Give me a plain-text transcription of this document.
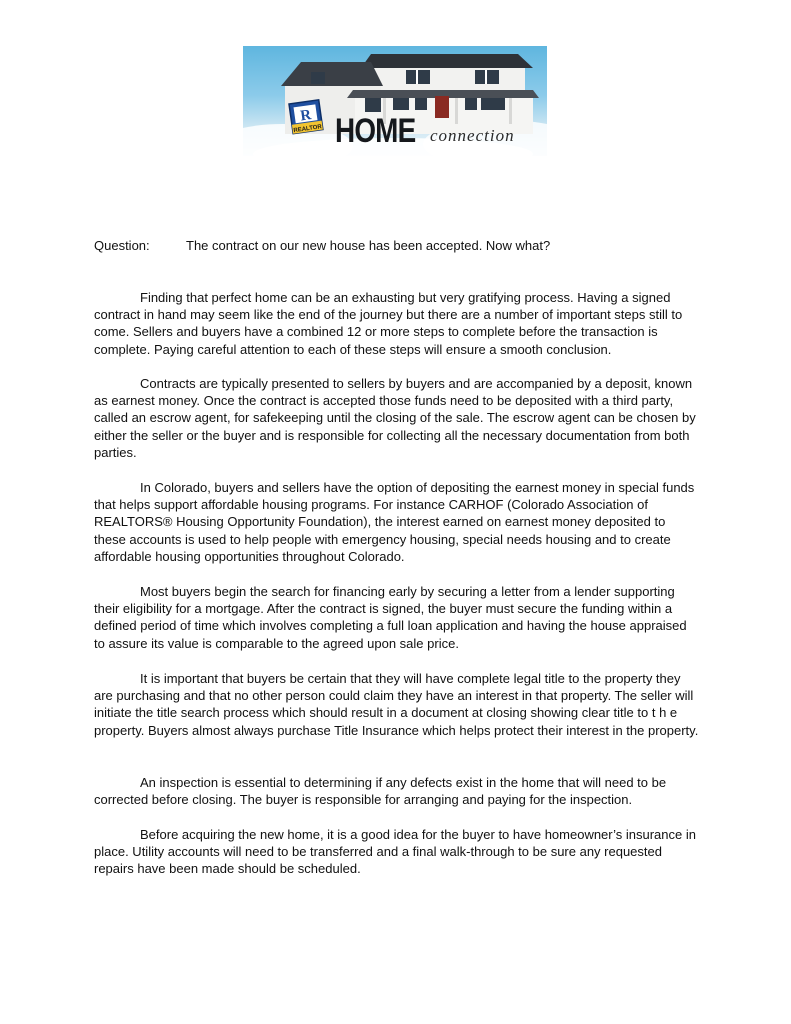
R
REALTOR HOME connection
Question:	The contract on our new house has been accepted. Now what?

Finding that perfect home can be an exhausting but very gratifying process. Having a signed contract in hand may seem like the end of the journey but there are a number of important steps still to come. Sellers and buyers have a combined 12 or more steps to complete before the transaction is complete. Paying careful attention to each of these steps will ensure a smooth conclusion.

Contracts are typically presented to sellers by buyers and are accompanied by a deposit, known as earnest money. Once the contract is accepted those funds need to be deposited with a third party, called an escrow agent, for safekeeping until the closing of the sale. The escrow agent can be chosen by either the seller or the buyer and is responsible for collecting all the necessary documentation from both parties.

In Colorado, buyers and sellers have the option of depositing the earnest money in special funds that helps support affordable housing programs. For instance CARHOF (Colorado Association of REALTORS® Housing Opportunity Foundation), the interest earned on earnest money deposited to these accounts is used to help people with emergency housing, special needs housing and to create affordable housing opportunities throughout Colorado.

Most buyers begin the search for financing early by securing a letter from a lender supporting their eligibility for a mortgage. After the contract is signed, the buyer must secure the funding within a defined period of time which involves completing a full loan application and having the house appraised to assure its value is comparable to the agreed upon sale price.

It is important that buyers be certain that they will have complete legal title to the property they are purchasing and that no other person could claim they have an interest in that property. The seller will initiate the title search process which should result in a document at closing showing clear title to t h e property. Buyers almost always purchase Title Insurance which helps protect their interest in the property.

An inspection is essential to determining if any defects exist in the home that will need to be corrected before closing. The buyer is responsible for arranging and paying for the inspection.

Before acquiring the new home, it is a good idea for the buyer to have homeowner’s insurance in place. Utility accounts will need to be transferred and a final walk-through to be sure any requested repairs have been made should be scheduled.
